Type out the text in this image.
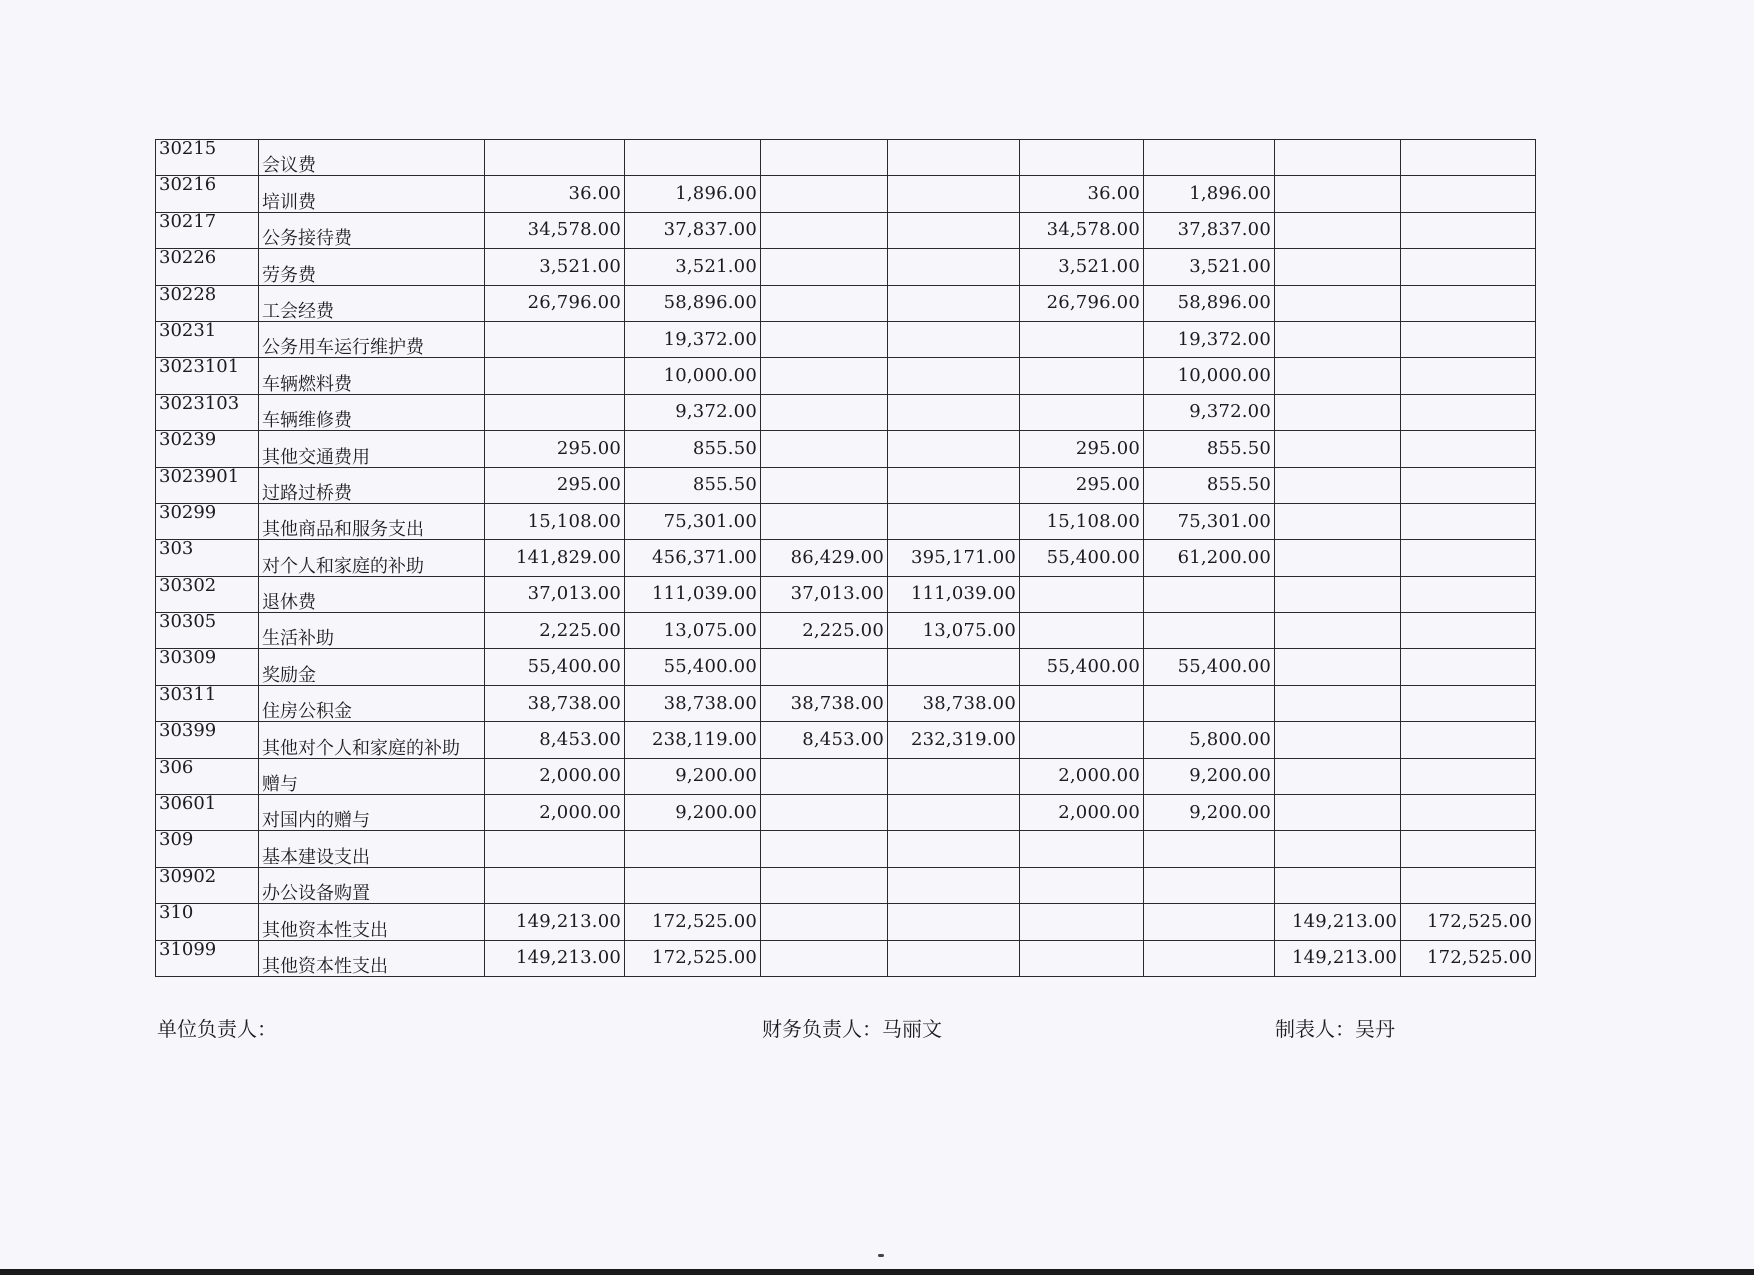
30215	会议费								
30216	培训费	36.00	1,896.00			36.00	1,896.00		
30217	公务接待费	34,578.00	37,837.00			34,578.00	37,837.00		
30226	劳务费	3,521.00	3,521.00			3,521.00	3,521.00		
30228	工会经费	26,796.00	58,896.00			26,796.00	58,896.00		
30231	公务用车运行维护费		19,372.00				19,372.00		
3023101	车辆燃料费		10,000.00				10,000.00		
3023103	车辆维修费		9,372.00				9,372.00		
30239	其他交通费用	295.00	855.50			295.00	855.50		
3023901	过路过桥费	295.00	855.50			295.00	855.50		
30299	其他商品和服务支出	15,108.00	75,301.00			15,108.00	75,301.00		
303	对个人和家庭的补助	141,829.00	456,371.00	86,429.00	395,171.00	55,400.00	61,200.00		
30302	退休费	37,013.00	111,039.00	37,013.00	111,039.00				
30305	生活补助	2,225.00	13,075.00	2,225.00	13,075.00				
30309	奖励金	55,400.00	55,400.00			55,400.00	55,400.00		
30311	住房公积金	38,738.00	38,738.00	38,738.00	38,738.00				
30399	其他对个人和家庭的补助	8,453.00	238,119.00	8,453.00	232,319.00		5,800.00		
306	赠与	2,000.00	9,200.00			2,000.00	9,200.00		
30601	对国内的赠与	2,000.00	9,200.00			2,000.00	9,200.00		
309	基本建设支出								
30902	办公设备购置								
310	其他资本性支出	149,213.00	172,525.00					149,213.00	172,525.00
31099	其他资本性支出	149,213.00	172,525.00					149,213.00	172,525.00
单位负责人：	财务负责人：马丽文	制表人：吴丹
